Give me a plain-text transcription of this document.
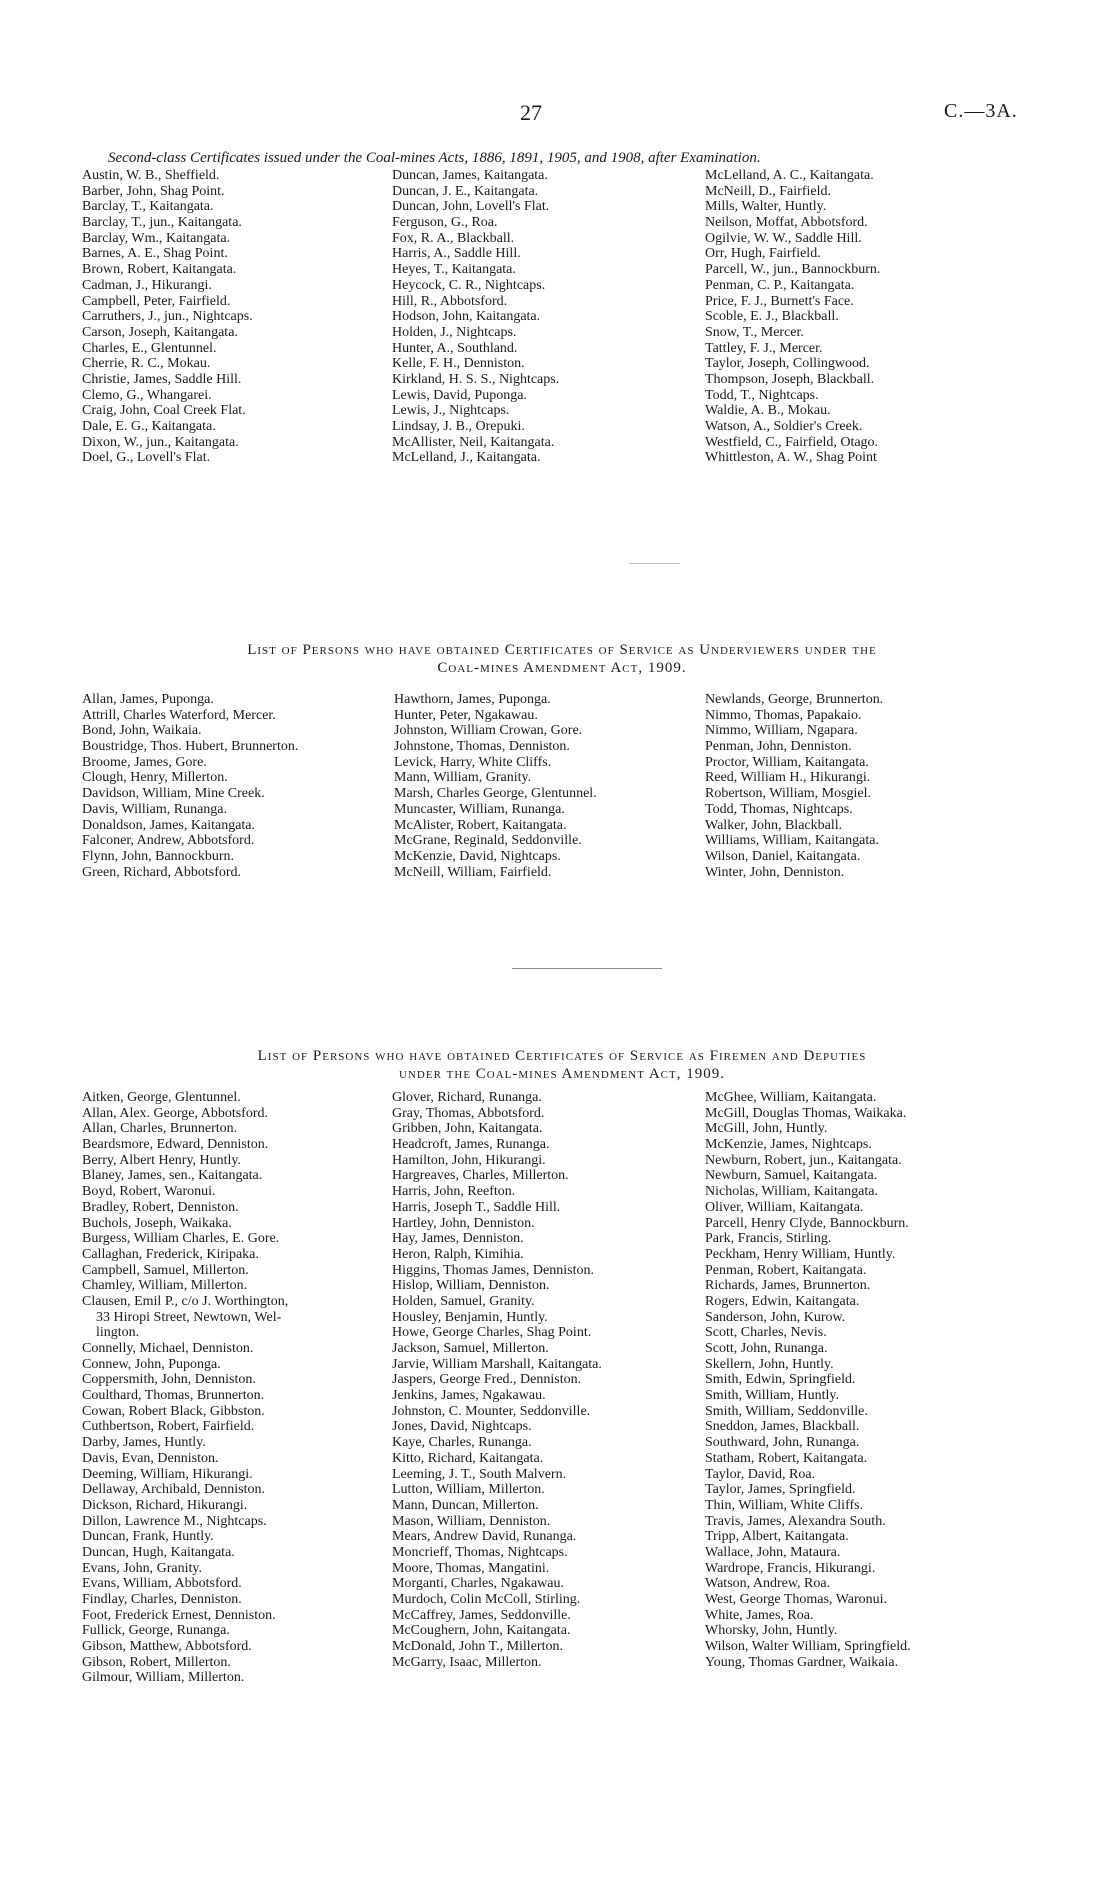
27	C.—3A.
Second-class Certificates issued under the Coal-mines Acts, 1886, 1891, 1905, and 1908, after Examination.
Austin, W. B., Sheffield.
Barber, John, Shag Point.
Barclay, T., Kaitangata.
Barclay, T., jun., Kaitangata.
Barclay, Wm., Kaitangata.
Barnes, A. E., Shag Point.
Brown, Robert, Kaitangata.
Cadman, J., Hikurangi.
Campbell, Peter, Fairfield.
Carruthers, J., jun., Nightcaps.
Carson, Joseph, Kaitangata.
Charles, E., Glentunnel.
Cherrie, R. C., Mokau.
Christie, James, Saddle Hill.
Clemo, G., Whangarei.
Craig, John, Coal Creek Flat.
Dale, E. G., Kaitangata.
Dixon, W., jun., Kaitangata.
Doel, G., Lovell's Flat.
Duncan, James, Kaitangata.
Duncan, J. E., Kaitangata.
Duncan, John, Lovell's Flat.
Ferguson, G., Roa.
Fox, R. A., Blackball.
Harris, A., Saddle Hill.
Heyes, T., Kaitangata.
Heycock, C. R., Nightcaps.
Hill, R., Abbotsford.
Hodson, John, Kaitangata.
Holden, J., Nightcaps.
Hunter, A., Southland.
Kelle, F. H., Denniston.
Kirkland, H. S. S., Nightcaps.
Lewis, David, Puponga.
Lewis, J., Nightcaps.
Lindsay, J. B., Orepuki.
McAllister, Neil, Kaitangata.
McLelland, J., Kaitangata.
McLelland, A. C., Kaitangata.
McNeill, D., Fairfield.
Mills, Walter, Huntly.
Neilson, Moffat, Abbotsford.
Ogilvie, W. W., Saddle Hill.
Orr, Hugh, Fairfield.
Parcell, W., jun., Bannockburn.
Penman, C. P., Kaitangata.
Price, F. J., Burnett's Face.
Scoble, E. J., Blackball.
Snow, T., Mercer.
Tattley, F. J., Mercer.
Taylor, Joseph, Collingwood.
Thompson, Joseph, Blackball.
Todd, T., Nightcaps.
Waldie, A. B., Mokau.
Watson, A., Soldier's Creek.
Westfield, C., Fairfield, Otago.
Whittleston, A. W., Shag Point
List of Persons who have obtained Certificates of Service as Underviewers under the
Coal-mines Amendment Act, 1909.
Allan, James, Puponga.
Attrill, Charles Waterford, Mercer.
Bond, John, Waikaia.
Boustridge, Thos. Hubert, Brunnerton.
Broome, James, Gore.
Clough, Henry, Millerton.
Davidson, William, Mine Creek.
Davis, William, Runanga.
Donaldson, James, Kaitangata.
Falconer, Andrew, Abbotsford.
Flynn, John, Bannockburn.
Green, Richard, Abbotsford.
Hawthorn, James, Puponga.
Hunter, Peter, Ngakawau.
Johnston, William Crowan, Gore.
Johnstone, Thomas, Denniston.
Levick, Harry, White Cliffs.
Mann, William, Granity.
Marsh, Charles George, Glentunnel.
Muncaster, William, Runanga.
McAlister, Robert, Kaitangata.
McGrane, Reginald, Seddonville.
McKenzie, David, Nightcaps.
McNeill, William, Fairfield.
Newlands, George, Brunnerton.
Nimmo, Thomas, Papakaio.
Nimmo, William, Ngapara.
Penman, John, Denniston.
Proctor, William, Kaitangata.
Reed, William H., Hikurangi.
Robertson, William, Mosgiel.
Todd, Thomas, Nightcaps.
Walker, John, Blackball.
Williams, William, Kaitangata.
Wilson, Daniel, Kaitangata.
Winter, John, Denniston.
List of Persons who have obtained Certificates of Service as Firemen and Deputies
under the Coal-mines Amendment Act, 1909.
Aitken, George, Glentunnel.
Allan, Alex. George, Abbotsford.
Allan, Charles, Brunnerton.
Beardsmore, Edward, Denniston.
Berry, Albert Henry, Huntly.
Blaney, James, sen., Kaitangata.
Boyd, Robert, Waronui.
Bradley, Robert, Denniston.
Buchols, Joseph, Waikaka.
Burgess, William Charles, E. Gore.
Callaghan, Frederick, Kiripaka.
Campbell, Samuel, Millerton.
Chamley, William, Millerton.
Clausen, Emil P., c/o J. Worthington,
33 Hiropi Street, Newtown, Wel-
lington.
Connelly, Michael, Denniston.
Connew, John, Puponga.
Coppersmith, John, Denniston.
Coulthard, Thomas, Brunnerton.
Cowan, Robert Black, Gibbston.
Cuthbertson, Robert, Fairfield.
Darby, James, Huntly.
Davis, Evan, Denniston.
Deeming, William, Hikurangi.
Dellaway, Archibald, Denniston.
Dickson, Richard, Hikurangi.
Dillon, Lawrence M., Nightcaps.
Duncan, Frank, Huntly.
Duncan, Hugh, Kaitangata.
Evans, John, Granity.
Evans, William, Abbotsford.
Findlay, Charles, Denniston.
Foot, Frederick Ernest, Denniston.
Fullick, George, Runanga.
Gibson, Matthew, Abbotsford.
Gibson, Robert, Millerton.
Gilmour, William, Millerton.
Glover, Richard, Runanga.
Gray, Thomas, Abbotsford.
Gribben, John, Kaitangata.
Headcroft, James, Runanga.
Hamilton, John, Hikurangi.
Hargreaves, Charles, Millerton.
Harris, John, Reefton.
Harris, Joseph T., Saddle Hill.
Hartley, John, Denniston.
Hay, James, Denniston.
Heron, Ralph, Kimihia.
Higgins, Thomas James, Denniston.
Hislop, William, Denniston.
Holden, Samuel, Granity.
Housley, Benjamin, Huntly.
Howe, George Charles, Shag Point.
Jackson, Samuel, Millerton.
Jarvie, William Marshall, Kaitangata.
Jaspers, George Fred., Denniston.
Jenkins, James, Ngakawau.
Johnston, C. Mounter, Seddonville.
Jones, David, Nightcaps.
Kaye, Charles, Runanga.
Kitto, Richard, Kaitangata.
Leeming, J. T., South Malvern.
Lutton, William, Millerton.
Mann, Duncan, Millerton.
Mason, William, Denniston.
Mears, Andrew David, Runanga.
Moncrieff, Thomas, Nightcaps.
Moore, Thomas, Mangatini.
Morganti, Charles, Ngakawau.
Murdoch, Colin McColl, Stirling.
McCaffrey, James, Seddonville.
McCoughern, John, Kaitangata.
McDonald, John T., Millerton.
McGarry, Isaac, Millerton.
McGhee, William, Kaitangata.
McGill, Douglas Thomas, Waikaka.
McGill, John, Huntly.
McKenzie, James, Nightcaps.
Newburn, Robert, jun., Kaitangata.
Newburn, Samuel, Kaitangata.
Nicholas, William, Kaitangata.
Oliver, William, Kaitangata.
Parcell, Henry Clyde, Bannockburn.
Park, Francis, Stirling.
Peckham, Henry William, Huntly.
Penman, Robert, Kaitangata.
Richards, James, Brunnerton.
Rogers, Edwin, Kaitangata.
Sanderson, John, Kurow.
Scott, Charles, Nevis.
Scott, John, Runanga.
Skellern, John, Huntly.
Smith, Edwin, Springfield.
Smith, William, Huntly.
Smith, William, Seddonville.
Sneddon, James, Blackball.
Southward, John, Runanga.
Statham, Robert, Kaitangata.
Taylor, David, Roa.
Taylor, James, Springfield.
Thin, William, White Cliffs.
Travis, James, Alexandra South.
Tripp, Albert, Kaitangata.
Wallace, John, Mataura.
Wardrope, Francis, Hikurangi.
Watson, Andrew, Roa.
West, George Thomas, Waronui.
White, James, Roa.
Whorsky, John, Huntly.
Wilson, Walter William, Springfield.
Young, Thomas Gardner, Waikaia.
